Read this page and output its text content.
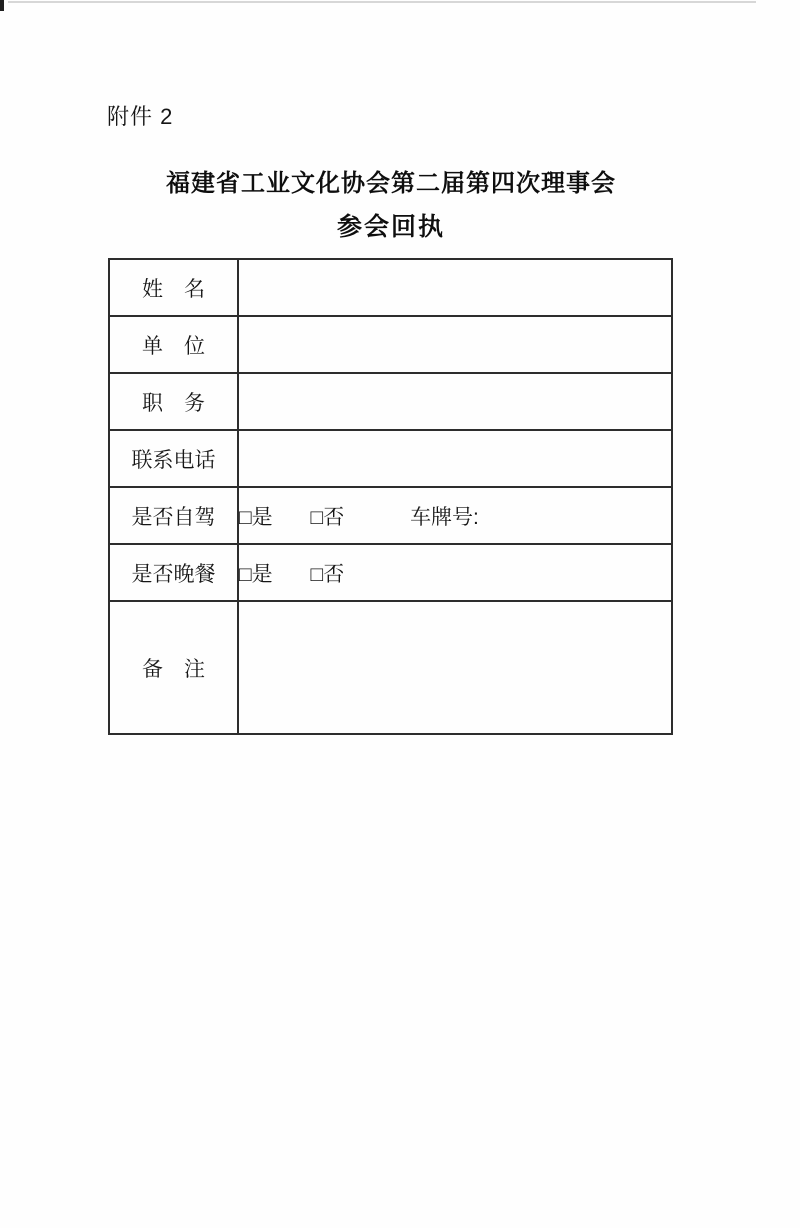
附件 2
福建省工业文化协会第二届第四次理事会
参会回执
姓　名	
单　位	
职　务	
联系电话	
是否自驾	□是 □否 车牌号:
是否晚餐	□是 □否
备　注	
